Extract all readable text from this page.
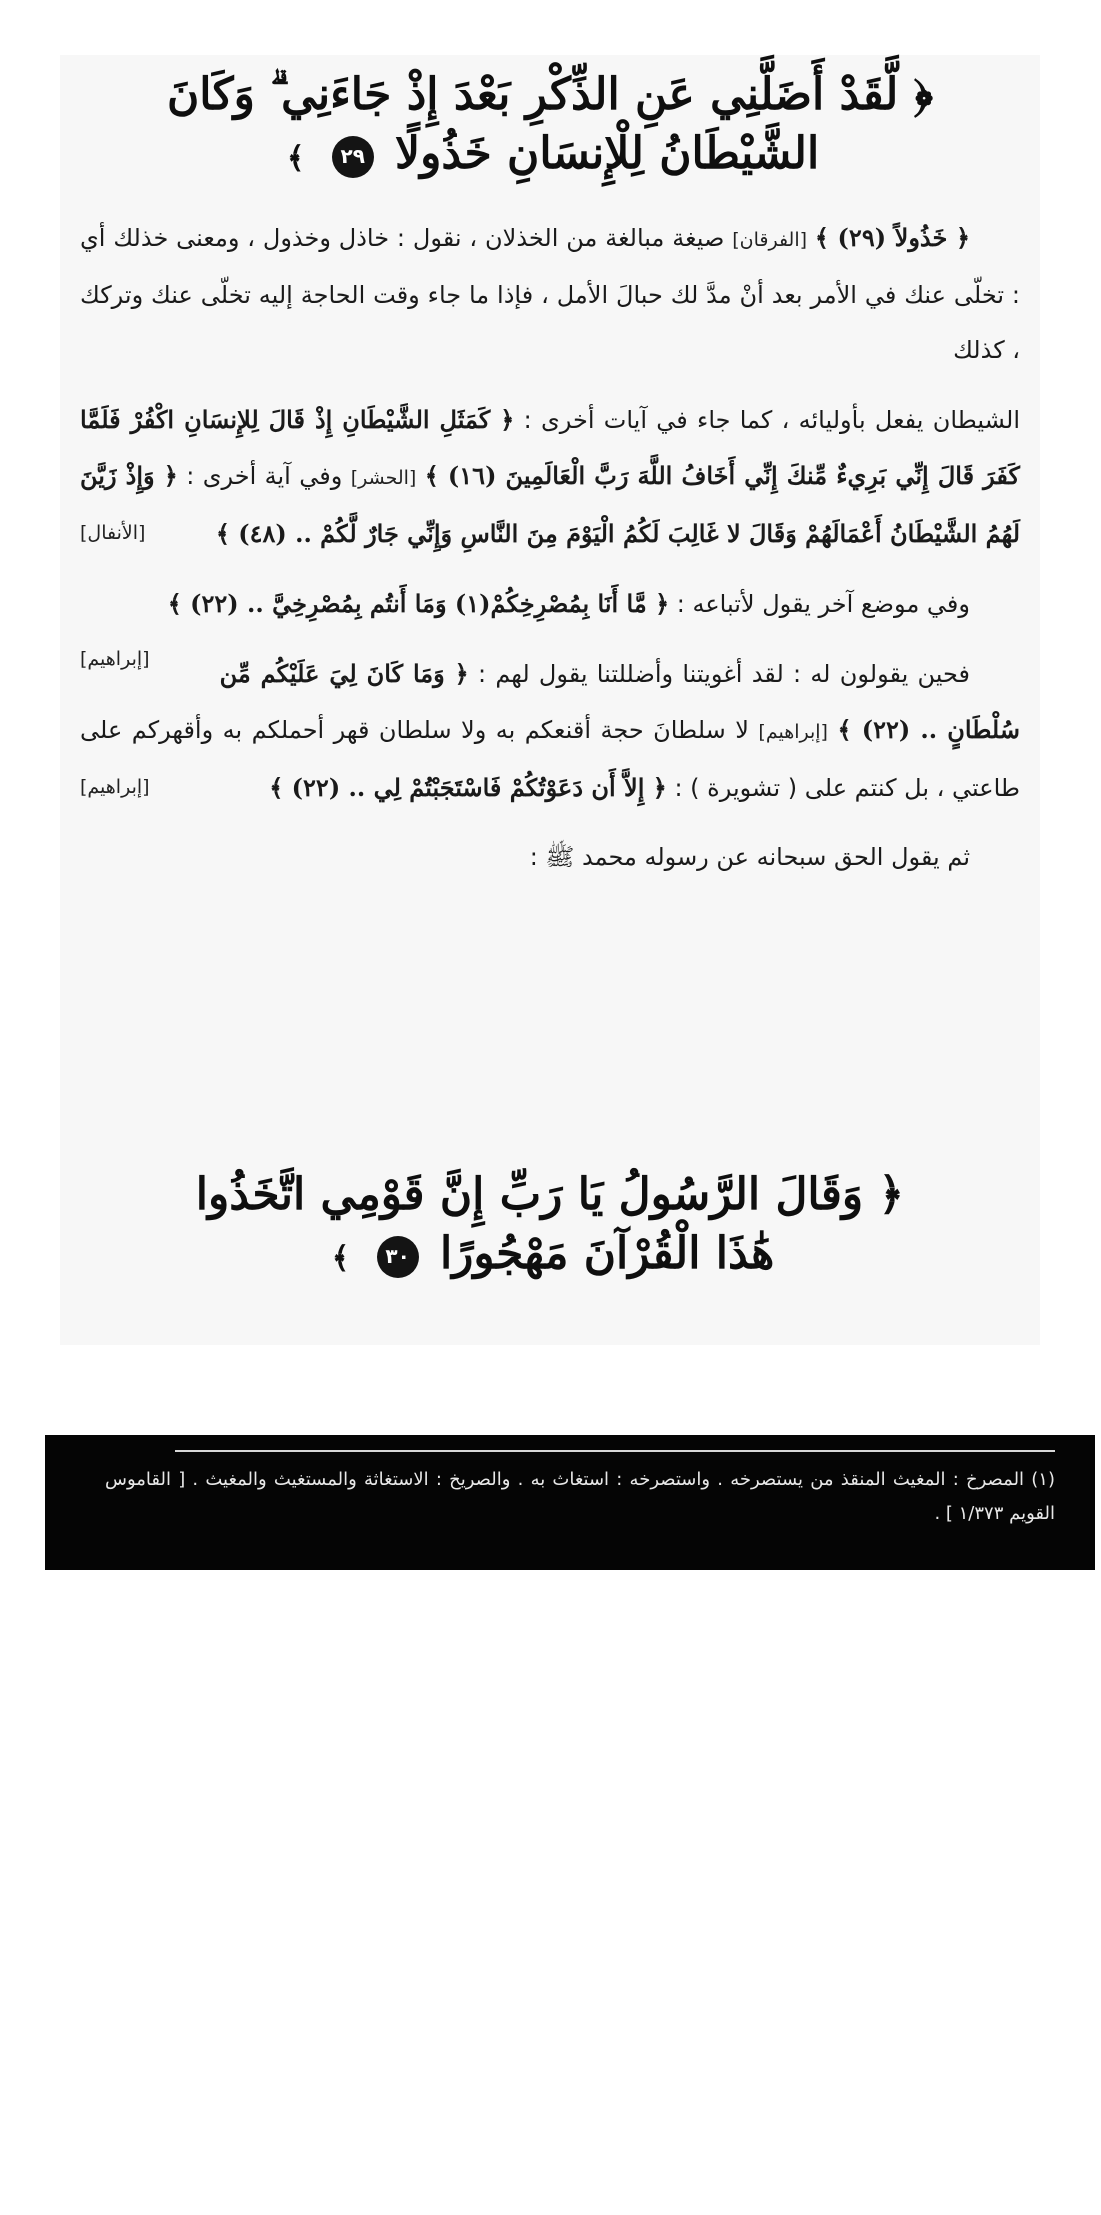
﴿ لَّقَدْ أَضَلَّنِي عَنِ الذِّكْرِ بَعْدَ إِذْ جَاءَنِي ۗ وَكَانَ
الشَّيْطَانُ لِلْإِنسَانِ خَذُولًا ٢٩ ﴾

﴿ خَذُولاً (٢٩) ﴾ [الفرقان] صيغة مبالغة من الخذلان ، نقول : خاذل وخذول ، ومعنى خذلك أي : تخلّى عنك في الأمر بعد أنْ مدَّ لك حبالَ الأمل ، فإذا ما جاء وقت الحاجة إليه تخلّى عنك وتركك ، كذلك

الشيطان يفعل بأوليائه ، كما جاء في آيات أخرى : ﴿ كَمَثَلِ الشَّيْطَانِ إِذْ قَالَ لِلإِنسَانِ اكْفُرْ فَلَمَّا كَفَرَ قَالَ إِنِّي بَرِيءٌ مِّنكَ إِنِّي أَخَافُ اللَّهَ رَبَّ الْعَالَمِينَ (١٦) ﴾ [الحشر] وفي آية أخرى : ﴿ وَإِذْ زَيَّنَ لَهُمُ الشَّيْطَانُ أَعْمَالَهُمْ وَقَالَ لا غَالِبَ لَكُمُ الْيَوْمَ مِنَ النَّاسِ وَإِنِّي جَارٌ لَّكُمْ .. (٤٨) ﴾
[الأنفال]

وفي موضع آخر يقول لأتباعه : ﴿ مَّا أَنَا بِمُصْرِخِكُمْ(١) وَمَا أَنتُم بِمُصْرِخِيَّ .. (٢٢) ﴾
[إبراهيم]

فحين يقولون له : لقد أغويتنا وأضللتنا يقول لهم : ﴿ وَمَا كَانَ لِيَ عَلَيْكُم مِّن سُلْطَانٍ .. (٢٢) ﴾ [إبراهيم] لا سلطانَ حجة أقنعكم به ولا سلطان قهر أحملكم به وأقهركم على طاعتي ، بل كنتم على ( تشويرة ) : ﴿ إِلاَّ أَن دَعَوْتُكُمْ فَاسْتَجَبْتُمْ لِي .. (٢٢) ﴾
[إبراهيم]

ثم يقول الحق سبحانه عن رسوله محمد ﷺ :

﴿ وَقَالَ الرَّسُولُ يَا رَبِّ إِنَّ قَوْمِي اتَّخَذُوا
هَٰذَا الْقُرْآنَ مَهْجُورًا ٣٠ ﴾
(١) المصرخ : المغيث المنقذ من يستصرخه . واستصرخه : استغاث به . والصريخ : الاستغاثة والمستغيث والمغيث . [ القاموس القويم ١/٣٧٣ ] .
